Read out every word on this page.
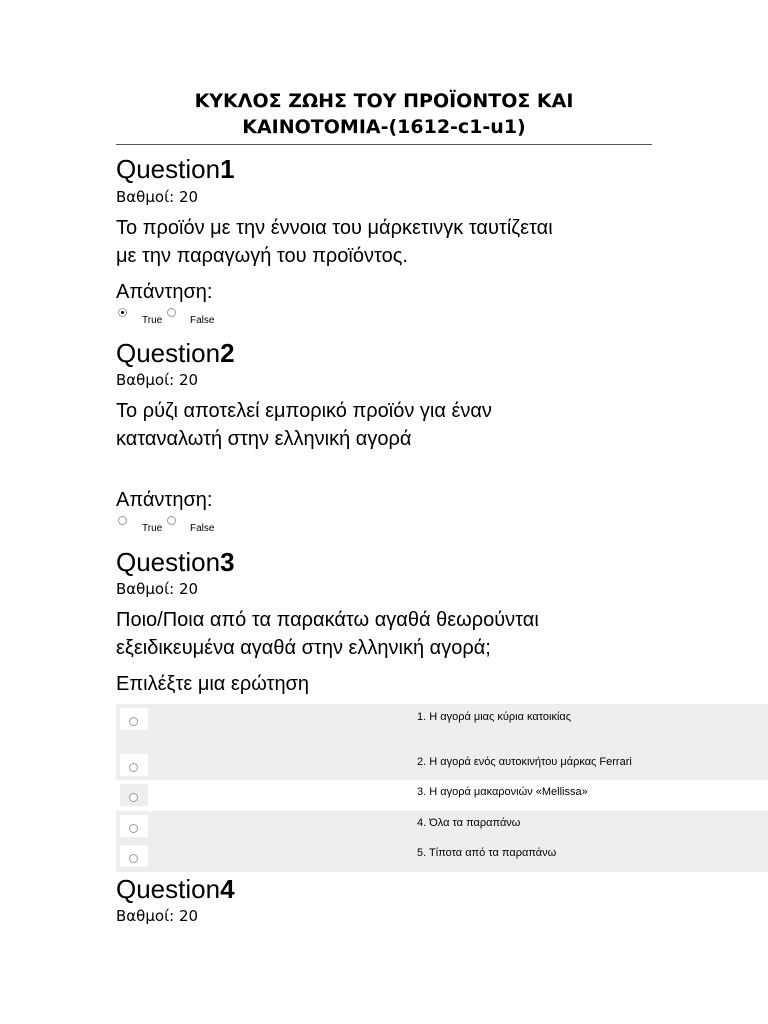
ΚΥΚΛΟΣ ΖΩΗΣ ΤΟΥ ΠΡΟΪΟΝΤΟΣ ΚΑΙ
ΚΑΙΝΟΤΟΜΙΑ-(1612-c1-u1)
Question1
Βαθμοί: 20
Το προϊόν με την έννοια του μάρκετινγκ ταυτίζεται
με την παραγωγή του προϊόντος.
Απάντηση:
True	False
Question2
Βαθμοί: 20
Το ρύζι αποτελεί εμπορικό προϊόν για έναν
καταναλωτή στην ελληνική αγορά
Απάντηση:
True	False
Question3
Βαθμοί: 20
Ποιο/Ποια από τα παρακάτω αγαθά θεωρούνται
εξειδικευμένα αγαθά στην ελληνική αγορά;
Επιλέξτε μια ερώτηση
1. Η αγορά μιας κύρια κατοικίας
2. Η αγορά ενός αυτοκινήτου μάρκας Ferrari
3. Η αγορά μακαρονιών «Mellissa»
4. Όλα τα παραπάνω
5. Τίποτα από τα παραπάνω
Question4
Βαθμοί: 20
